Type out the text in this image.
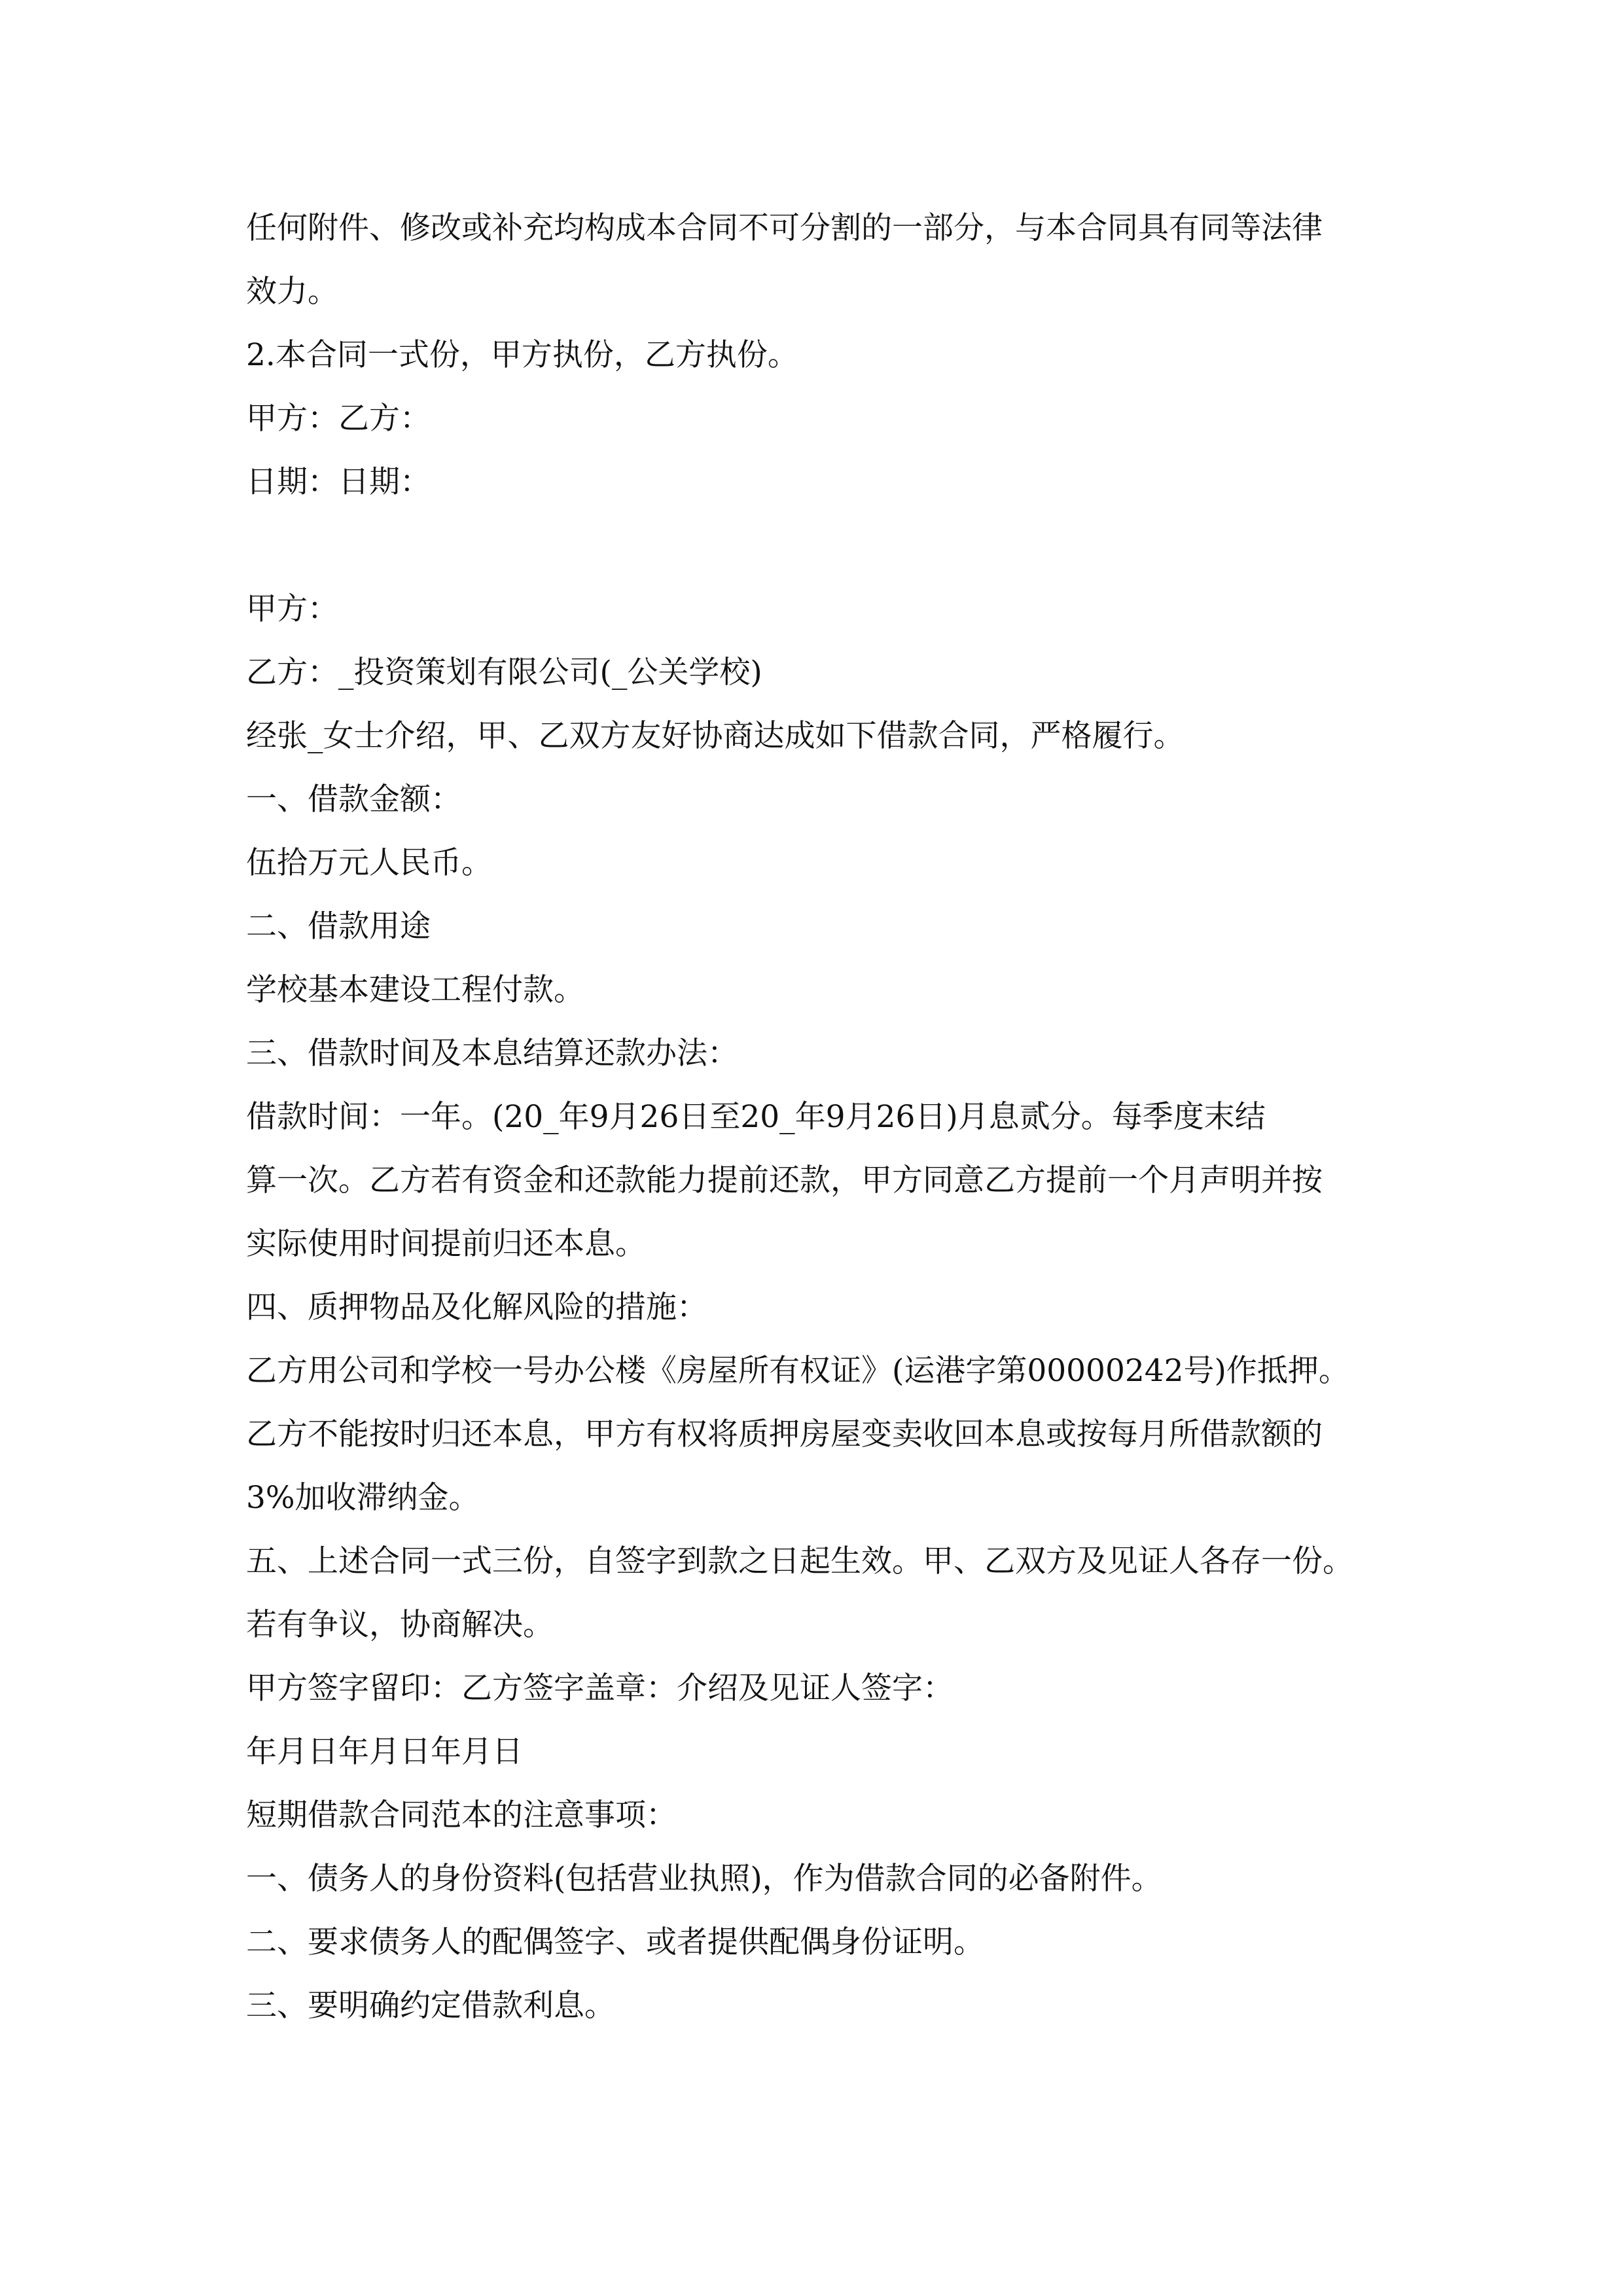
任何附件、修改或补充均构成本合同不可分割的一部分，与本合同具有同等法律
效力。
2.本合同一式份，甲方执份，乙方执份。
甲方：乙方：
日期：日期：
甲方：
乙方：_投资策划有限公司(_公关学校)
经张_女士介绍，甲、乙双方友好协商达成如下借款合同，严格履行。
一、借款金额：
伍拾万元人民币。
二、借款用途
学校基本建设工程付款。
三、借款时间及本息结算还款办法：
借款时间：一年。(20_年9月26日至20_年9月26日)月息贰分。每季度末结
算一次。乙方若有资金和还款能力提前还款，甲方同意乙方提前一个月声明并按
实际使用时间提前归还本息。
四、质押物品及化解风险的措施：
乙方用公司和学校一号办公楼《房屋所有权证》(运港字第00000242号)作抵押。
乙方不能按时归还本息，甲方有权将质押房屋变卖收回本息或按每月所借款额的
3%加收滞纳金。
五、上述合同一式三份，自签字到款之日起生效。甲、乙双方及见证人各存一份。
若有争议，协商解决。
甲方签字留印：乙方签字盖章：介绍及见证人签字：
年月日年月日年月日
短期借款合同范本的注意事项：
一、债务人的身份资料(包括营业执照)，作为借款合同的必备附件。
二、要求债务人的配偶签字、或者提供配偶身份证明。
三、要明确约定借款利息。
